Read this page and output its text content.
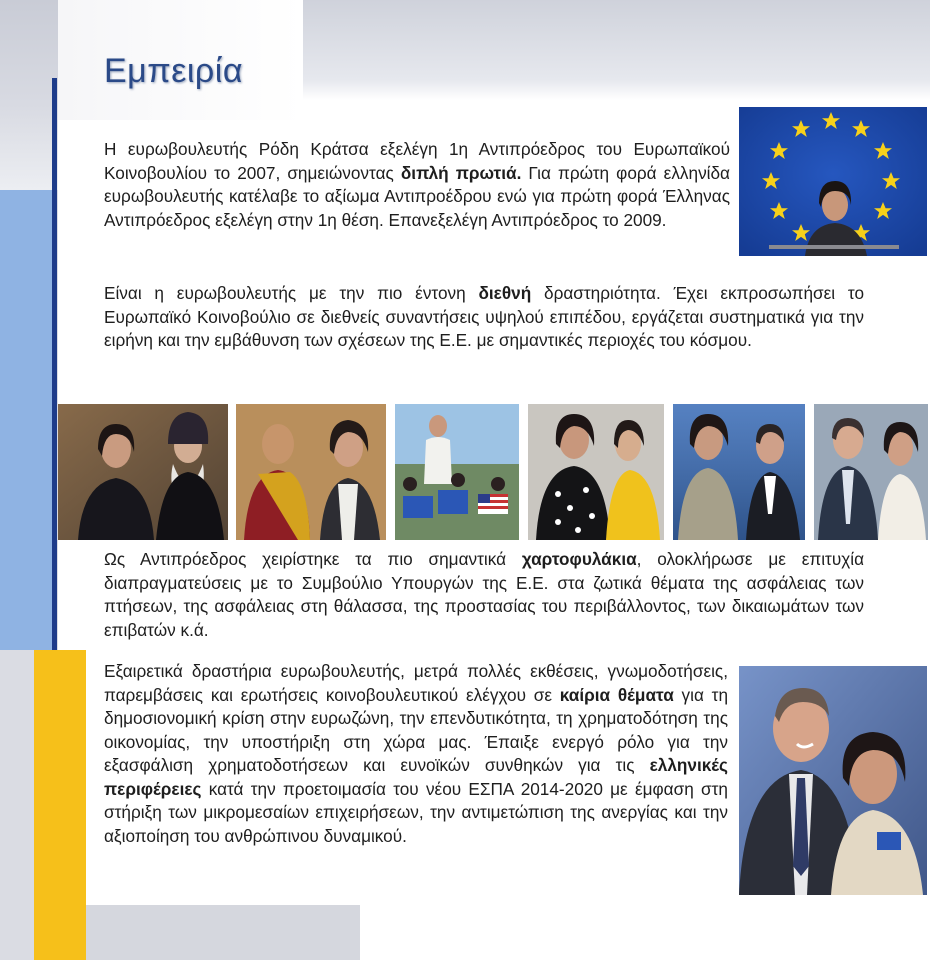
Εμπειρία

Η ευρωβουλευτής Ρόδη Κράτσα εξελέγη 1η Αντιπρόεδρος του Ευρωπαϊκού Κοινοβουλίου το 2007, σημειώνοντας διπλή πρωτιά. Για πρώτη φορά ελληνίδα ευρωβουλευτής κατέλαβε το αξίωμα Αντιπροέδρου ενώ για πρώτη φορά Έλληνας Αντιπρόεδρος εξελέγη στην 1η θέση. Επανεξελέγη Αντιπρόεδρος το 2009.

Είναι η ευρωβουλευτής με την πιο έντονη διεθνή δραστηριότητα. Έχει εκπροσωπήσει το Ευρωπαϊκό Κοινοβούλιο σε διεθνείς συναντήσεις υψηλού επιπέδου, εργάζεται συστηματικά για την ειρήνη και την εμβάθυνση των σχέσεων της Ε.Ε. με σημαντικές περιοχές του κόσμου.

Ως Αντιπρόεδρος χειρίστηκε τα πιο σημαντικά χαρτοφυλάκια, ολοκλήρωσε με επιτυχία διαπραγματεύσεις με το Συμβούλιο Υπουργών της Ε.Ε. στα ζωτικά θέματα της ασφάλειας των πτήσεων, της ασφάλειας στη θάλασσα, της προστασίας του περιβάλλοντος, των δικαιωμάτων των επιβατών κ.ά.

Εξαιρετικά δραστήρια ευρωβουλευτής, μετρά πολλές εκθέσεις, γνωμοδοτήσεις, παρεμβάσεις και ερωτήσεις κοινοβουλευτικού ελέγχου σε καίρια θέματα για τη δημοσιονομική κρίση στην ευρωζώνη, την επενδυτικότητα, τη χρηματοδότηση της οικονομίας, την υποστήριξη στη χώρα μας. Έπαιξε ενεργό ρόλο για την εξασφάλιση χρηματοδοτήσεων και ευνοϊκών συνθηκών για τις ελληνικές περιφέρειες κατά την προετοιμασία του νέου ΕΣΠΑ 2014-2020 με έμφαση στη στήριξη των μικρομεσαίων επιχειρήσεων, την αντιμετώπιση της ανεργίας και την αξιοποίηση του ανθρώπινου δυναμικού.
